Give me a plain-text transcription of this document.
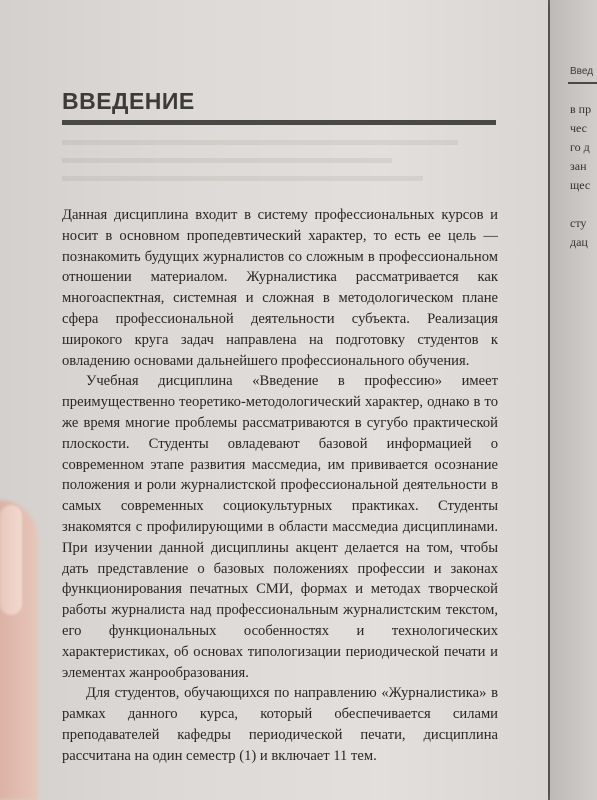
ВВЕДЕНИЕ

Данная дисциплина входит в систему профессиональных курсов и носит в основном пропедевтический характер, то есть ее цель — познакомить будущих журналистов со сложным в профессиональном отношении материалом. Журналистика рассматривается как многоаспектная, системная и сложная в методологическом плане сфера профессиональной деятельности субъекта. Реализация широкого круга задач направлена на подготовку студентов к овладению основами дальнейшего профессионального обучения.

Учебная дисциплина «Введение в профессию» имеет преимущественно теоретико-методологический характер, однако в то же время многие проблемы рассматриваются в сугубо практической плоскости. Студенты овладевают базовой информацией о современном этапе развития массмедиа, им прививается осознание положения и роли журналистской профессиональной деятельности в самых современных социокультурных практиках. Студенты знакомятся с профилирующими в области массмедиа дисциплинами. При изучении данной дисциплины акцент делается на том, чтобы дать представление о базовых положениях профессии и законах функционирования печатных СМИ, формах и методах творческой работы журналиста над профессиональным журналистским текстом, его функциональных особенностях и технологических характеристиках, об основах типологизации периодической печати и элементах жанрообразования.

Для студентов, обучающихся по направлению «Журналистика» в рамках данного курса, который обеспечивается силами преподавателей кафедры периодической печати, дисциплина рассчитана на один семестр (1) и включает 11 тем.

Введ
в пр
чес
го д
зан
щес

сту
дац
